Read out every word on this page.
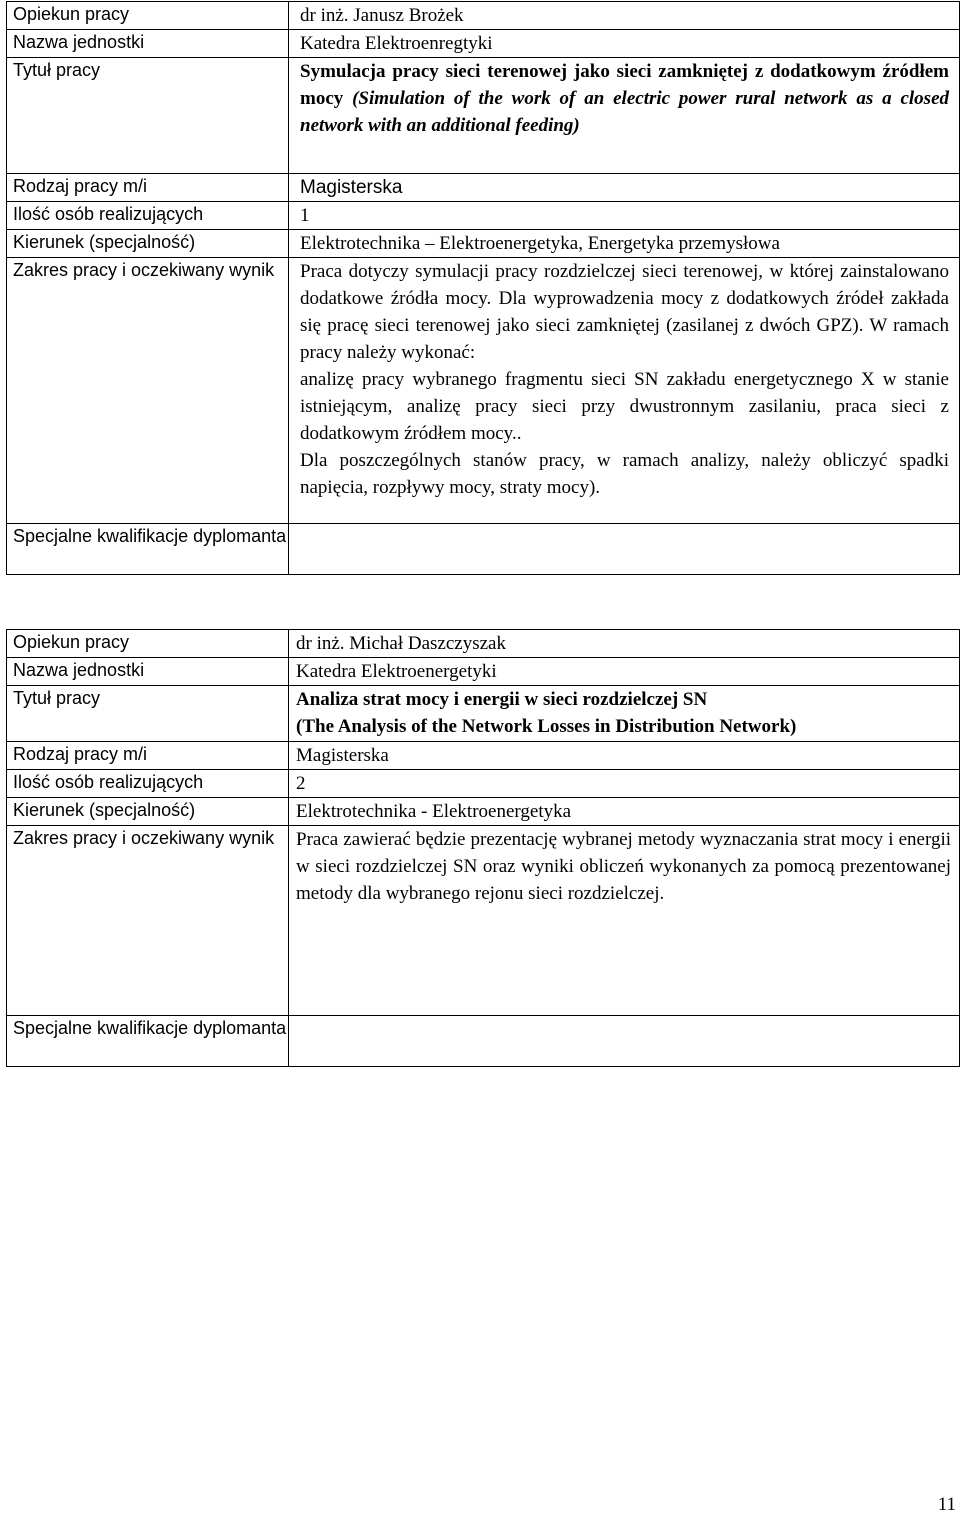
Opiekun pracy	dr inż. Janusz Brożek
Nazwa jednostki	Katedra Elektroenregtyki
Tytuł pracy	Symulacja pracy sieci terenowej jako sieci zamkniętej z dodatkowym źródłem mocy (Simulation of the work of an electric power rural network as a closed network with an additional feeding)
Rodzaj pracy m/i	Magisterska
Ilość osób realizujących	1
Kierunek (specjalność)	Elektrotechnika – Elektroenergetyka, Energetyka przemysłowa
Zakres pracy i oczekiwany wynik	Praca dotyczy symulacji pracy rozdzielczej sieci terenowej, w której zainstalowano dodatkowe źródła mocy. Dla wyprowadzenia mocy z dodatkowych źródeł zakłada się pracę sieci terenowej jako sieci zamkniętej (zasilanej z dwóch GPZ). W ramach pracy należy wykonać:
analizę pracy wybranego fragmentu sieci SN zakładu energetycznego X w stanie istniejącym, analizę pracy sieci przy dwustronnym zasilaniu, praca sieci z dodatkowym źródłem mocy..
Dla poszczególnych stanów pracy, w ramach analizy, należy obliczyć spadki napięcia, rozpływy mocy, straty mocy).

Specjalne kwalifikacje dyplomanta	
Opiekun pracy	dr inż. Michał Daszczyszak
Nazwa jednostki	Katedra Elektroenergetyki
Tytuł pracy	Analiza strat mocy i energii w sieci rozdzielczej SN
(The Analysis of the Network Losses in Distribution Network)

Rodzaj pracy m/i	Magisterska
Ilość osób realizujących	2
Kierunek (specjalność)	Elektrotechnika - Elektroenergetyka
Zakres pracy i oczekiwany wynik	Praca zawierać będzie prezentację wybranej metody wyznaczania strat mocy i energii w sieci rozdzielczej SN oraz wyniki obliczeń wykonanych za pomocą prezentowanej metody dla wybranego rejonu sieci rozdzielczej.

Specjalne kwalifikacje dyplomanta	
11
